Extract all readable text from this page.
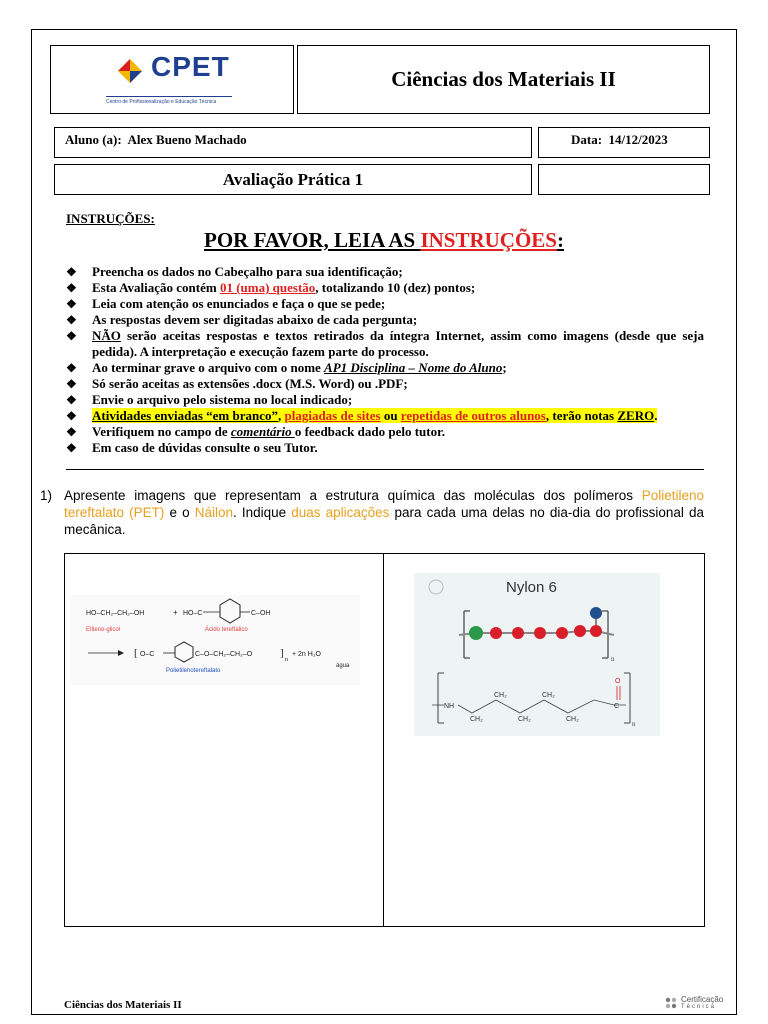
CPET
Centro de Profissionalização e Educação Técnica
Ciências dos Materiais II
Aluno (a): Alex Bueno Machado	Data: 14/12/2023
Avaliação Prática 1
INSTRUÇÕES:
POR FAVOR, LEIA AS INSTRUÇÕES:
❖ Preencha os dados no Cabeçalho para sua identificação;
❖ Esta Avaliação contém 01 (uma) questão, totalizando 10 (dez) pontos;
❖ Leia com atenção os enunciados e faça o que se pede;
❖ As respostas devem ser digitadas abaixo de cada pergunta;
❖ NÃO serão aceitas respostas e textos retirados da íntegra Internet, assim como imagens (desde que seja pedida). A interpretação e execução fazem parte do processo.
❖ Ao terminar grave o arquivo com o nome AP1 Disciplina – Nome do Aluno;
❖ Só serão aceitas as extensões .docx (M.S. Word) ou .PDF;
❖ Envie o arquivo pelo sistema no local indicado;
❖ Atividades enviadas “em branco”, plagiadas de sites ou repetidas de outros alunos, terão notas ZERO.
❖ Verifiquem no campo de comentário o feedback dado pelo tutor.
❖ Em caso de dúvidas consulte o seu Tutor.
1) Apresente imagens que representam a estrutura química das moléculas dos polímeros Polietileno tereftalato (PET) e o Náilon. Indique duas aplicações para cada uma delas no dia-dia do profissional da mecânica.
HO–CH₂–CH₂–OH	+ HO–C	C–OH
Etileno-glicol	Ácido tereftálico
[ O–C	C–O–CH₂–CH₂–O	]
n
+ 2n H₂O
água
Polietilenotereftalato
Nylon 6
n
n
NH
CH₂
CH₂
CH₂
CH₂
CH₂
C
O
Ciências dos Materiais II	Certificação
Técnica
